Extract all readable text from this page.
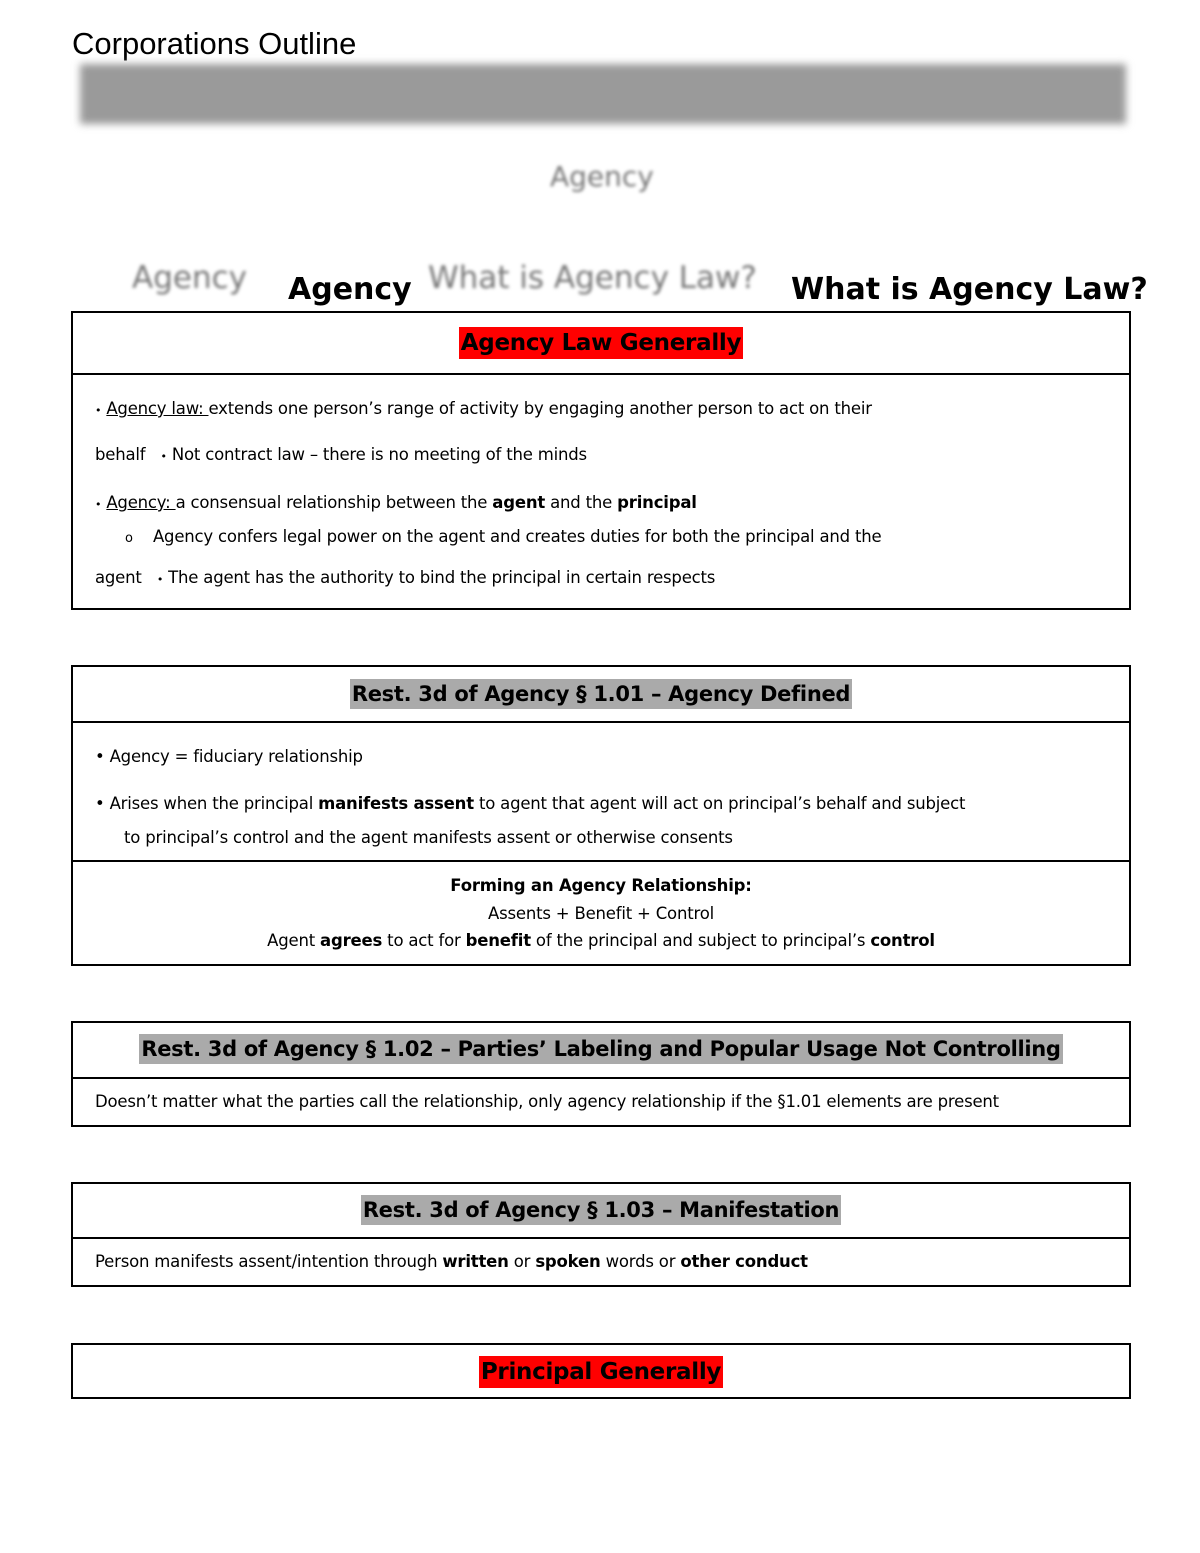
Corporations Outline
Agency
Agency	What is Agency Law?
Agency	What is Agency Law?
Agency Law Generally
• Agency law: extends one person’s range of activity by engaging another person to act on their
behalf • Not contract law – there is no meeting of the minds
• Agency: a consensual relationship between the agent and the principal
o Agency confers legal power on the agent and creates duties for both the principal and the
agent • The agent has the authority to bind the principal in certain respects
Rest. 3d of Agency § 1.01 – Agency Defined
• Agency = fiduciary relationship
• Arises when the principal manifests assent to agent that agent will act on principal’s behalf and subject
to principal’s control and the agent manifests assent or otherwise consents
Forming an Agency Relationship:
Assents + Benefit + Control
Agent agrees to act for benefit of the principal and subject to principal’s control
Rest. 3d of Agency § 1.02 – Parties’ Labeling and Popular Usage Not Controlling
Doesn’t matter what the parties call the relationship, only agency relationship if the §1.01 elements are present
Rest. 3d of Agency § 1.03 – Manifestation
Person manifests assent/intention through written or spoken words or other conduct
Principal Generally
